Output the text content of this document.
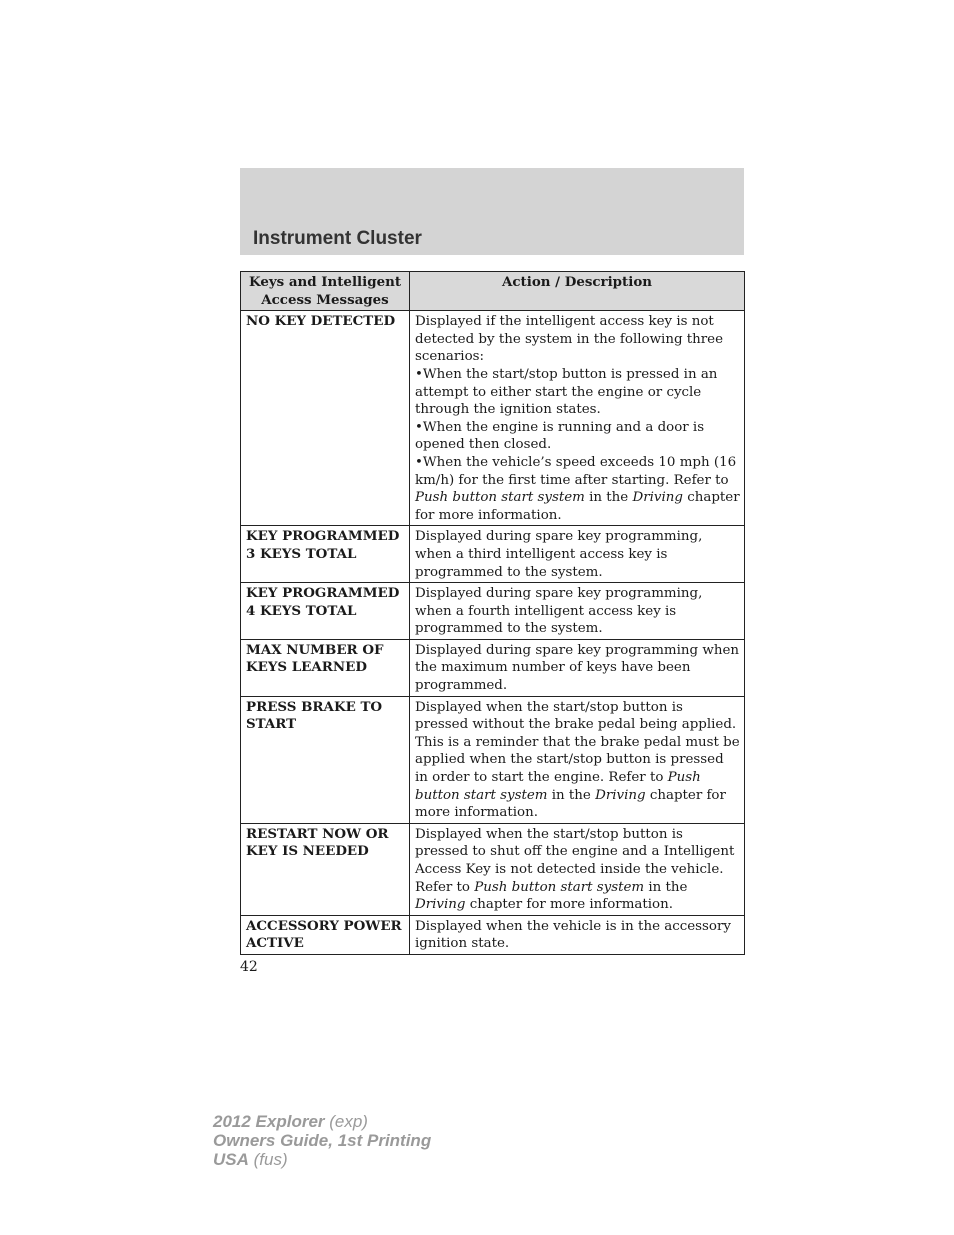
Instrument Cluster
Keys and Intelligent Access Messages	Action / Description
NO KEY DETECTED	Displayed if the intelligent access key is not detected by the system in the following three scenarios:
•When the start/stop button is pressed in an attempt to either start the engine or cycle through the ignition states.
•When the engine is running and a door is opened then closed.
•When the vehicle’s speed exceeds 10 mph (16 km/h) for the first time after starting. Refer to Push button start system in the Driving chapter for more information.

KEY PROGRAMMED 3 KEYS TOTAL	Displayed during spare key programming, when a third intelligent access key is programmed to the system.

KEY PROGRAMMED 4 KEYS TOTAL	Displayed during spare key programming, when a fourth intelligent access key is programmed to the system.

MAX NUMBER OF KEYS LEARNED	Displayed during spare key programming when the maximum number of keys have been programmed.

PRESS BRAKE TO START	Displayed when the start/stop button is pressed without the brake pedal being applied. This is a reminder that the brake pedal must be applied when the start/stop button is pressed in order to start the engine. Refer to Push button start system in the Driving chapter for more information.

RESTART NOW OR KEY IS NEEDED	Displayed when the start/stop button is pressed to shut off the engine and a Intelligent Access Key is not detected inside the vehicle. Refer to Push button start system in the Driving chapter for more information.

ACCESSORY POWER ACTIVE	Displayed when the vehicle is in the accessory ignition state.
42
2012 Explorer (exp)
Owners Guide, 1st Printing
USA (fus)
